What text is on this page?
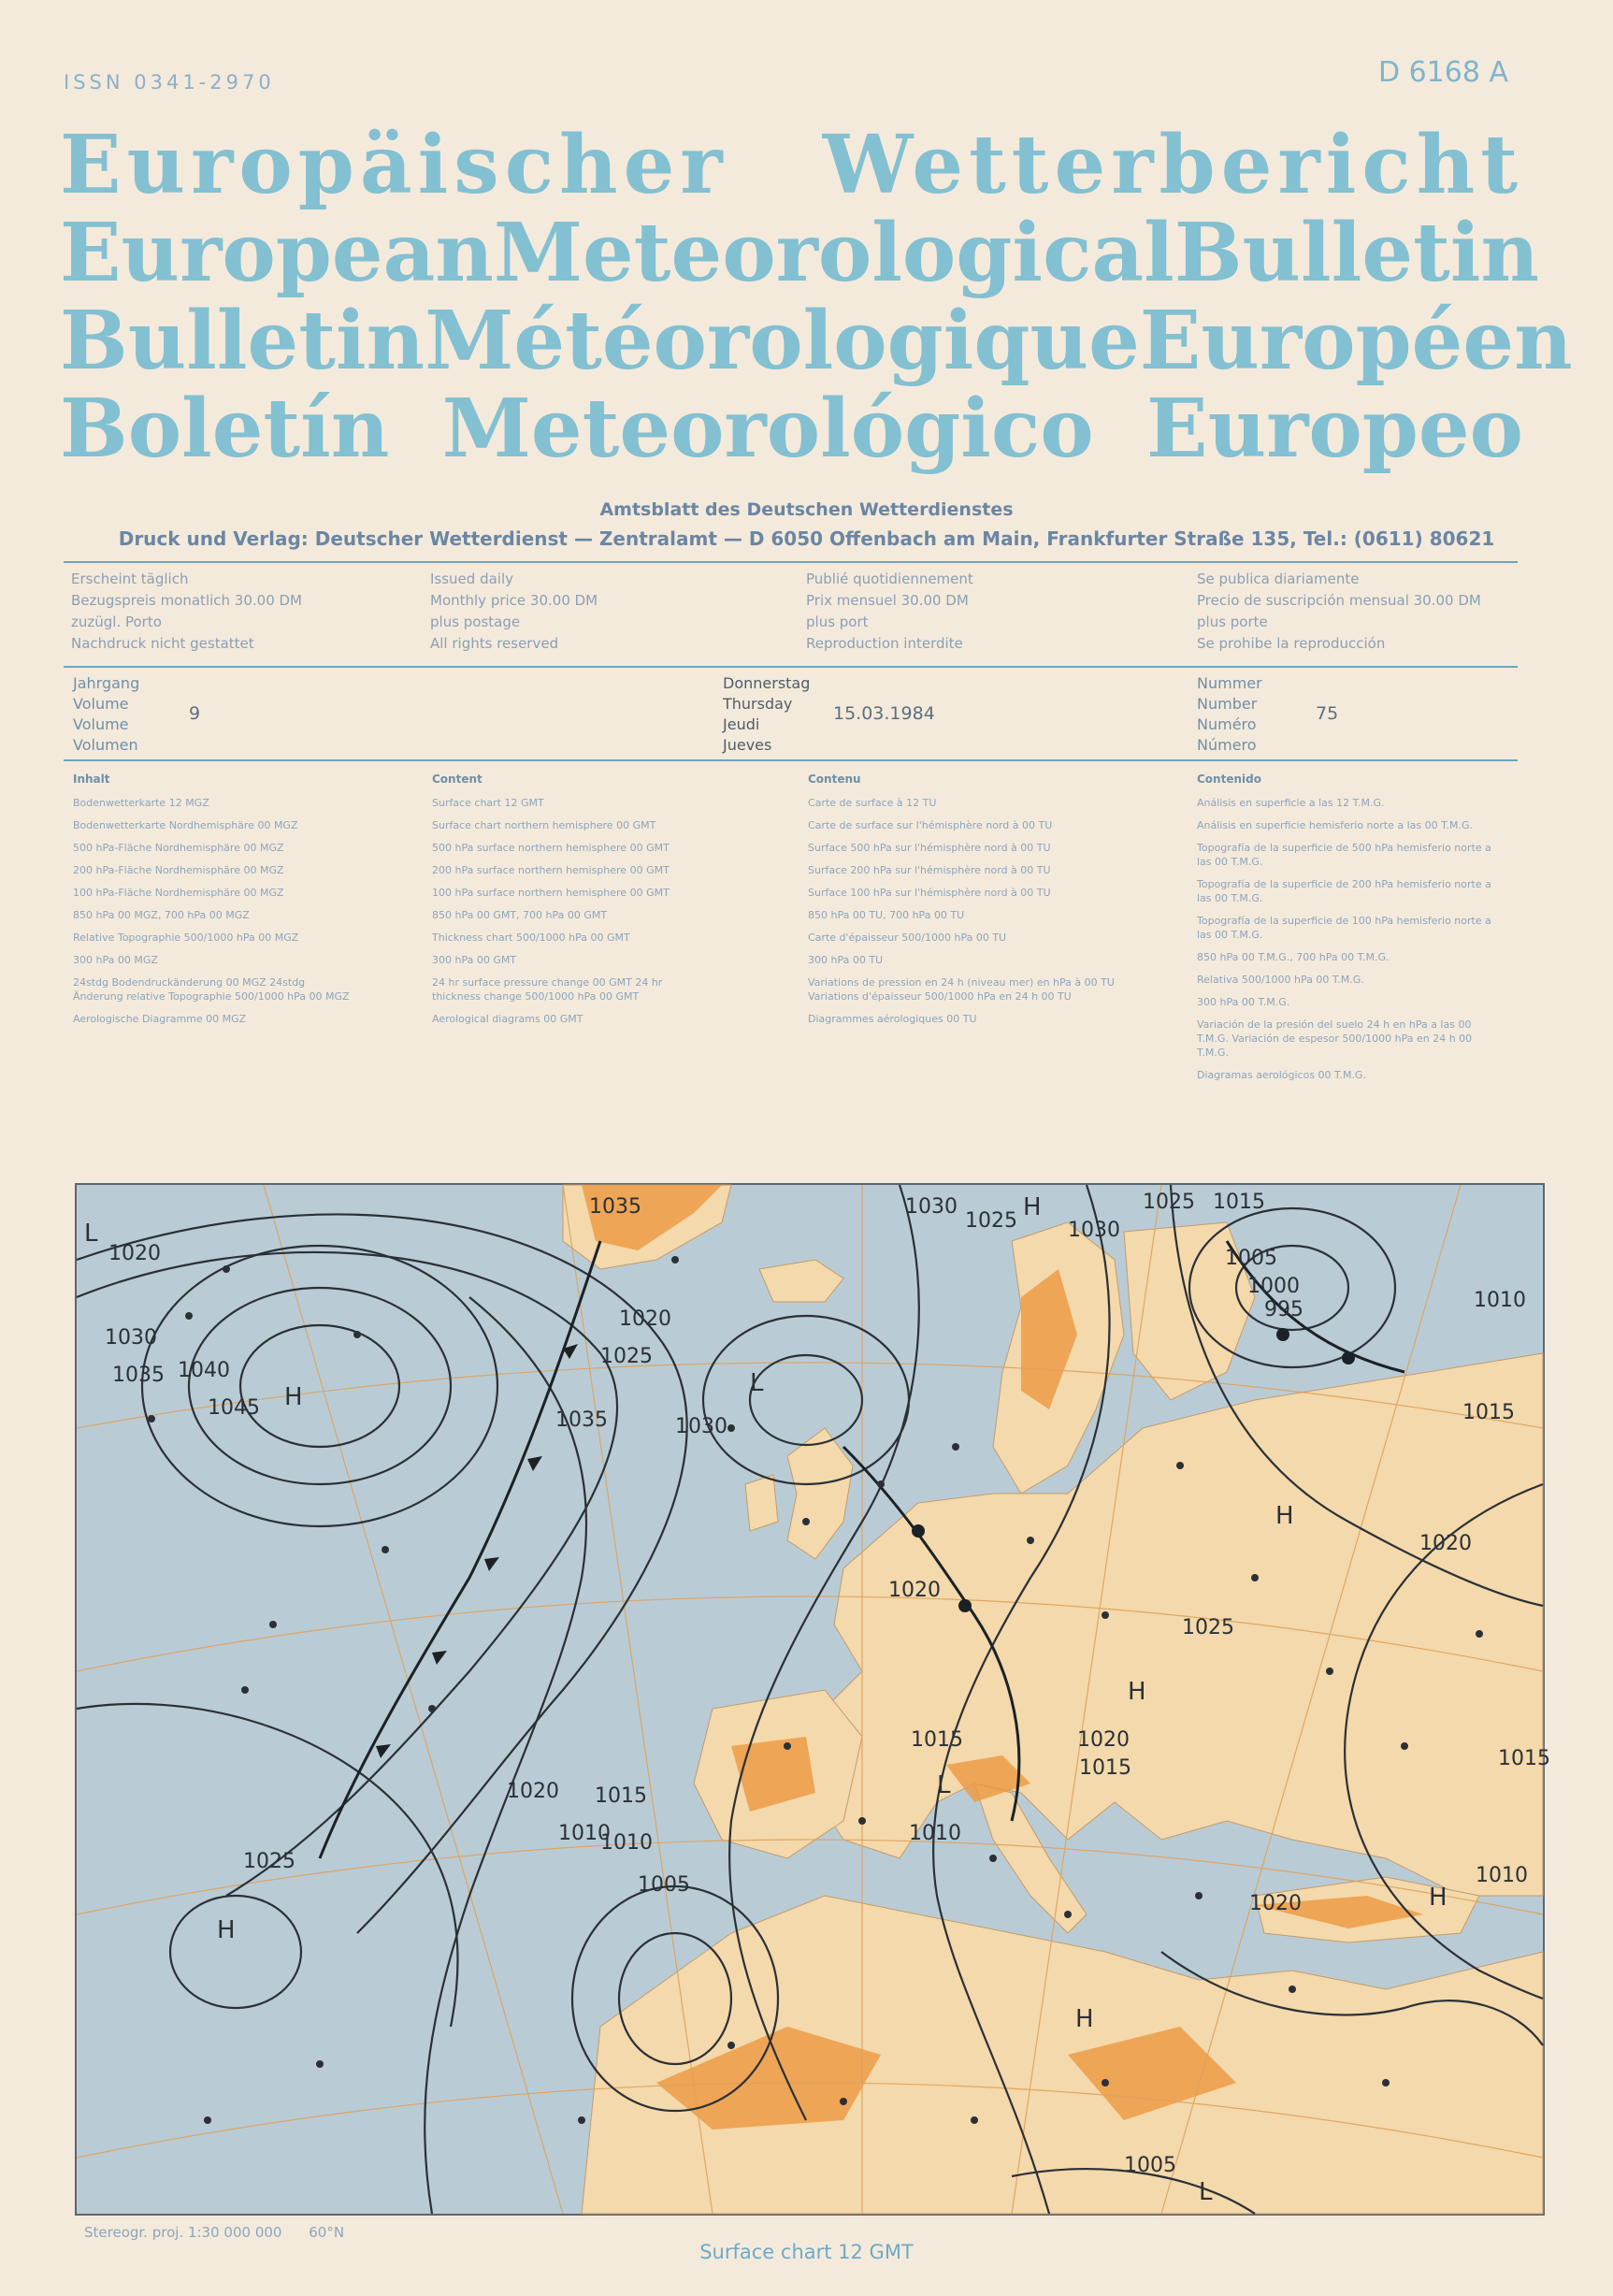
ISSN 0341-2970	D 6168 A
Europäischer Wetterbericht
European Meteorological Bulletin
Bulletin Météorologique Européen
Boletín Meteorológico Europeo
Amtsblatt des Deutschen Wetterdienstes
Druck und Verlag: Deutscher Wetterdienst — Zentralamt — D 6050 Offenbach am Main, Frankfurter Straße 135, Tel.: (0611) 80621
Erscheint täglich
Bezugspreis monatlich 30.00 DM
zuzügl. Porto
Nachdruck nicht gestattet
Issued daily
Monthly price 30.00 DM
plus postage
All rights reserved
Publié quotidiennement
Prix mensuel 30.00 DM
plus port
Reproduction interdite
Se publica diariamente
Precio de suscripción mensual 30.00 DM
plus porte
Se prohibe la reproducción
Jahrgang
Volume
Volume
Volumen
9
Donnerstag
Thursday
Jeudi
Jueves
15.03.1984
Nummer
Number
Numéro
Número
75
Inhalt
Bodenwetterkarte 12 MGZ
Bodenwetterkarte Nordhemisphäre 00 MGZ
500 hPa-Fläche Nordhemisphäre 00 MGZ
200 hPa-Fläche Nordhemisphäre 00 MGZ
100 hPa-Fläche Nordhemisphäre 00 MGZ
850 hPa 00 MGZ, 700 hPa 00 MGZ
Relative Topographie 500/1000 hPa 00 MGZ
300 hPa 00 MGZ
24stdg Bodendruckänderung 00 MGZ 24stdg Änderung relative Topographie 500/1000 hPa 00 MGZ
Aerologische Diagramme 00 MGZ
Content
Surface chart 12 GMT
Surface chart northern hemisphere 00 GMT
500 hPa surface northern hemisphere 00 GMT
200 hPa surface northern hemisphere 00 GMT
100 hPa surface northern hemisphere 00 GMT
850 hPa 00 GMT, 700 hPa 00 GMT
Thickness chart 500/1000 hPa 00 GMT
300 hPa 00 GMT
24 hr surface pressure change 00 GMT 24 hr thickness change 500/1000 hPa 00 GMT
Aerological diagrams 00 GMT
Contenu
Carte de surface à 12 TU
Carte de surface sur l'hémisphère nord à 00 TU
Surface 500 hPa sur l'hémisphère nord à 00 TU
Surface 200 hPa sur l'hémisphère nord à 00 TU
Surface 100 hPa sur l'hémisphère nord à 00 TU
850 hPa 00 TU, 700 hPa 00 TU
Carte d'épaisseur 500/1000 hPa 00 TU
300 hPa 00 TU
Variations de pression en 24 h (niveau mer) en hPa à 00 TU Variations d'épaisseur 500/1000 hPa en 24 h 00 TU
Diagrammes aérologiques 00 TU
Contenido
Análisis en superficie a las 12 T.M.G.
Análisis en superficie hemisferio norte a las 00 T.M.G.
Topografía de la superficie de 500 hPa hemisferio norte a las 00 T.M.G.
Topografía de la superficie de 200 hPa hemisferio norte a las 00 T.M.G.
Topografía de la superficie de 100 hPa hemisferio norte a las 00 T.M.G.
850 hPa 00 T.M.G., 700 hPa 00 T.M.G.
Relativa 500/1000 hPa 00 T.M.G.
300 hPa 00 T.M.G.
Variación de la presión del suelo 24 h en hPa a las 00 T.M.G. Variación de espesor 500/1000 hPa en 24 h 00 T.M.G.
Diagramas aerológicos 00 T.M.G.
1035	1030
1025 1030
1025 1015
1020
1030
1035 1040
1045
1020
1025
1030
1035
1010
1000
995
1005
1020
1015
1010
1020
1015
1020
1025
1020
1015
1010
1005
1010
1025
1015
1010
1020
1005
1015
L
H
H
L
H
H
H
L
L
H
H
Stereogr. proj. 1:30 000 000 60°N
Surface chart 12 GMT
